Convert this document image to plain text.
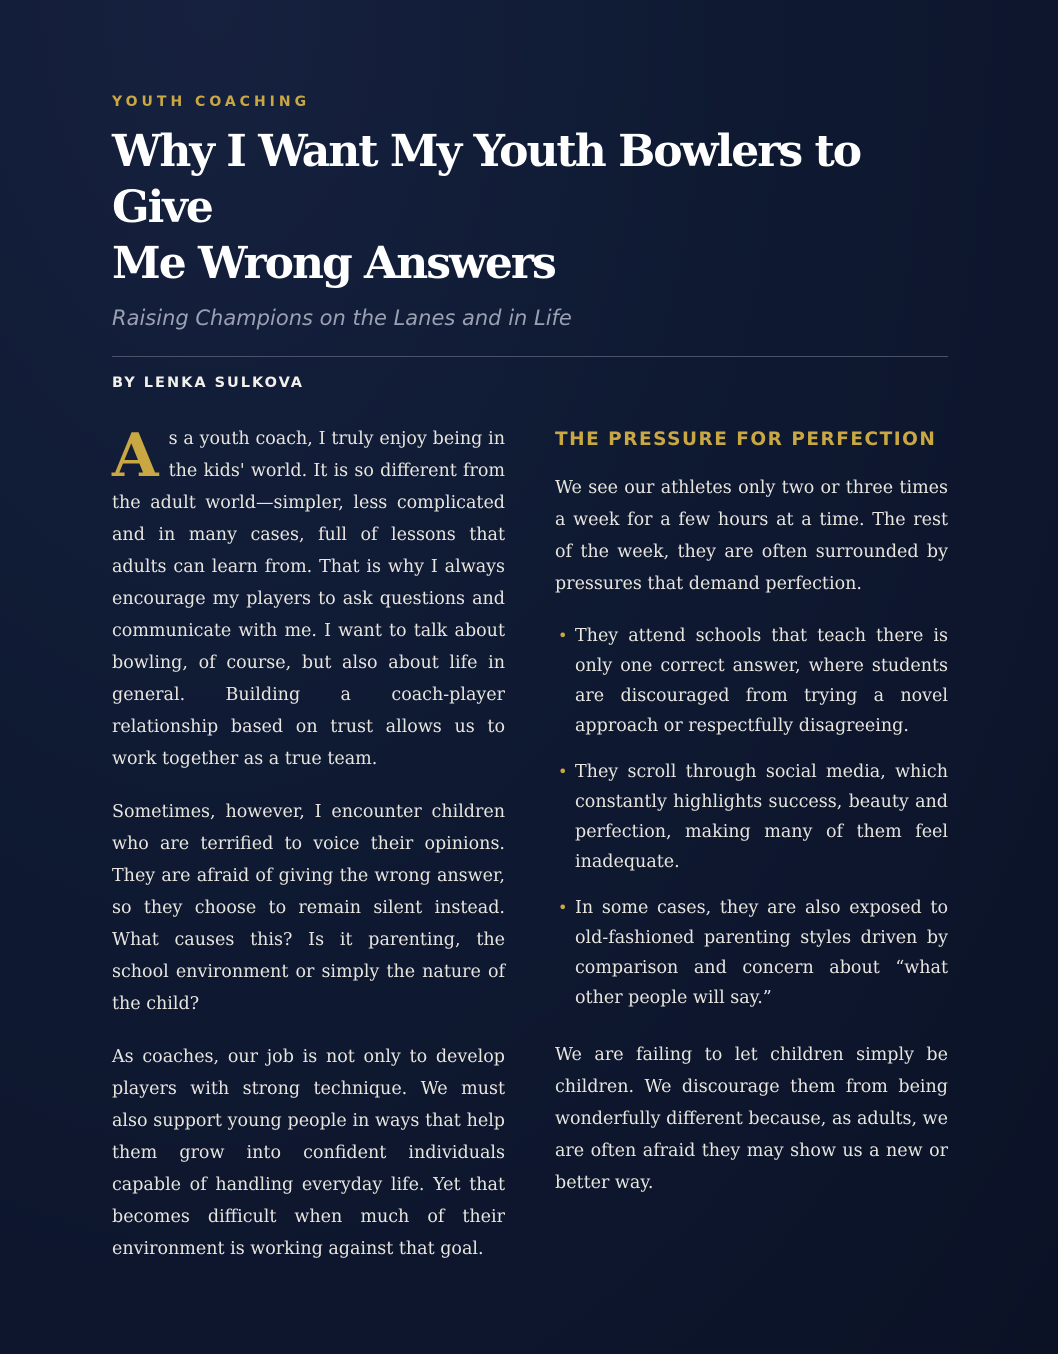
YOUTH COACHING
Why I Want My Youth Bowlers to Give
Me Wrong Answers
Raising Champions on the Lanes and in Life
BY LENKA SULKOVA

As a youth coach, I truly enjoy being in the kids' world. It is so different from the adult world—simpler, less complicated and in many cases, full of lessons that adults can learn from. That is why I always encourage my players to ask questions and communicate with me. I want to talk about bowling, of course, but also about life in general. Building a coach-player relationship based on trust allows us to work together as a true team.

Sometimes, however, I encounter children who are terrified to voice their opinions. They are afraid of giving the wrong answer, so they choose to remain silent instead. What causes this? Is it parenting, the school environment or simply the nature of the child?

As coaches, our job is not only to develop players with strong technique. We must also support young people in ways that help them grow into confident individuals capable of handling everyday life. Yet that becomes difficult when much of their environment is working against that goal.

THE PRESSURE FOR PERFECTION

We see our athletes only two or three times a week for a few hours at a time. The rest of the week, they are often surrounded by pressures that demand perfection.

• They attend schools that teach there is only one correct answer, where students are discouraged from trying a novel approach or respectfully disagreeing.
• They scroll through social media, which constantly highlights success, beauty and perfection, making many of them feel inadequate.
• In some cases, they are also exposed to old-fashioned parenting styles driven by comparison and concern about “what other people will say.”

We are failing to let children simply be children. We discourage them from being wonderfully different because, as adults, we are often afraid they may show us a new or better way.
